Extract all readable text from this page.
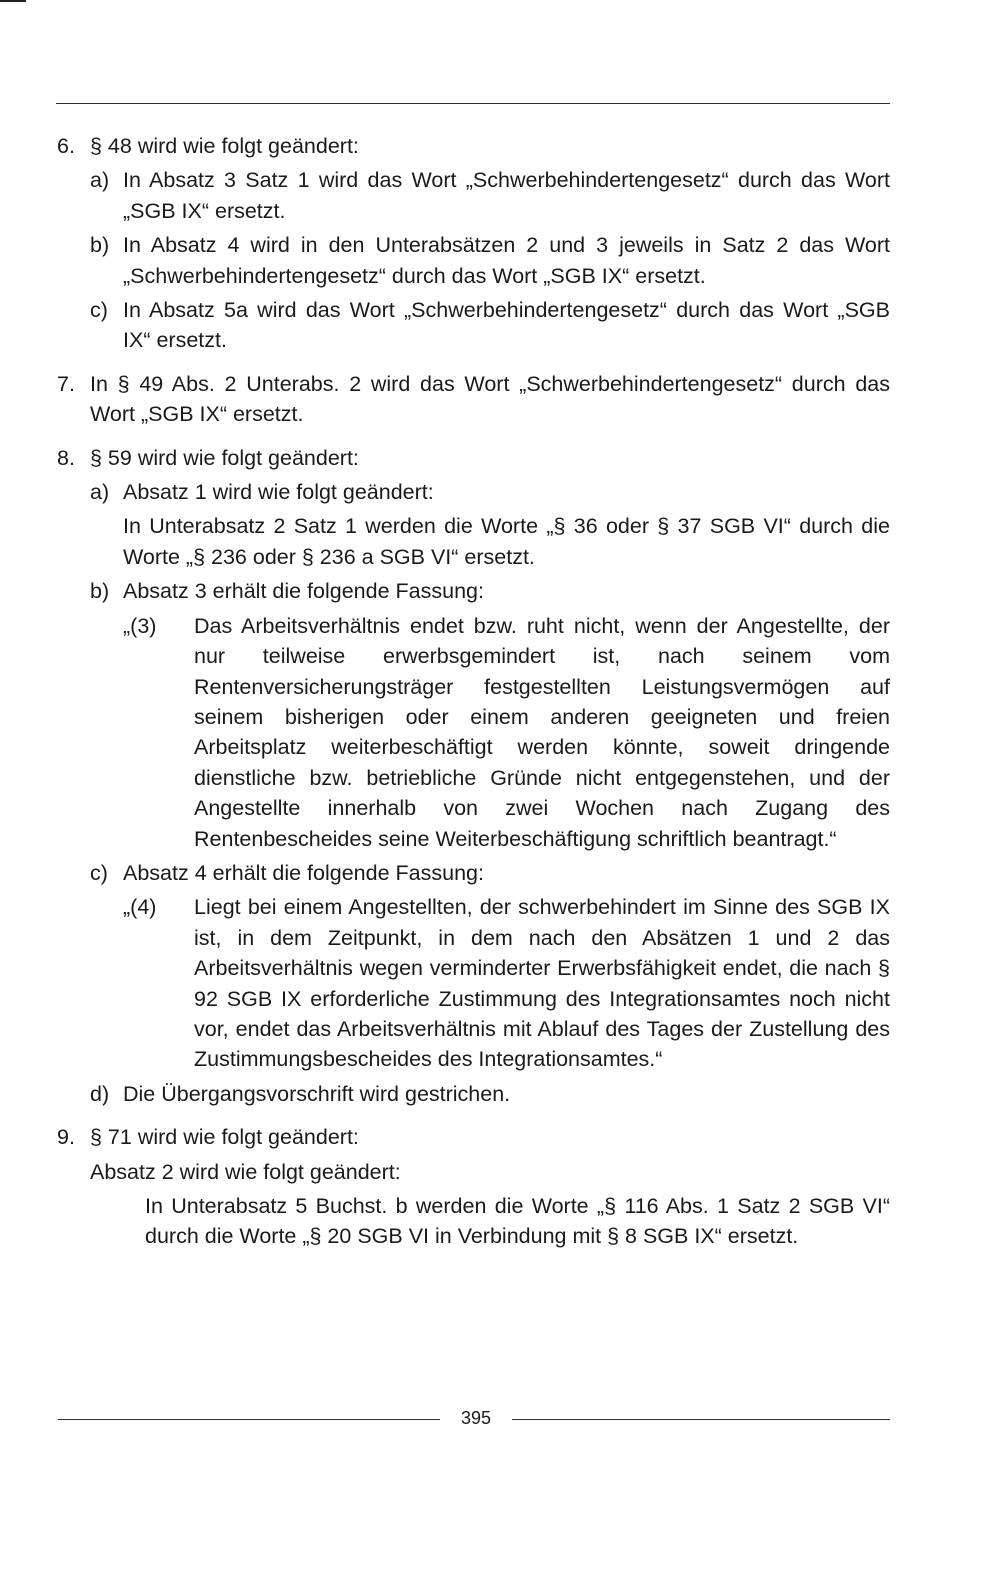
6. § 48 wird wie folgt geändert:

a) In Absatz 3 Satz 1 wird das Wort „Schwerbehindertengesetz“ durch das Wort „SGB IX“ ersetzt.

b) In Absatz 4 wird in den Unterabsätzen 2 und 3 jeweils in Satz 2 das Wort „Schwerbehindertengesetz“ durch das Wort „SGB IX“ ersetzt.

c) In Absatz 5a wird das Wort „Schwerbehindertengesetz“ durch das Wort „SGB IX“ ersetzt.

7. In § 49 Abs. 2 Unterabs. 2 wird das Wort „Schwerbehindertengesetz“ durch das Wort „SGB IX“ ersetzt.

8. § 59 wird wie folgt geändert:

a) Absatz 1 wird wie folgt geändert:

In Unterabsatz 2 Satz 1 werden die Worte „§ 36 oder § 37 SGB VI“ durch die Worte „§ 236 oder § 236 a SGB VI“ ersetzt.

b) Absatz 3 erhält die folgende Fassung:

„(3) Das Arbeitsverhältnis endet bzw. ruht nicht, wenn der Angestellte, der nur teilweise erwerbsgemindert ist, nach seinem vom Rentenversicherungsträger festgestellten Leistungsvermögen auf seinem bisherigen oder einem anderen geeigneten und freien Arbeitsplatz weiterbeschäftigt werden könnte, soweit dringende dienstliche bzw. betriebliche Gründe nicht entgegenstehen, und der Angestellte innerhalb von zwei Wochen nach Zugang des Rentenbescheides seine Weiterbeschäftigung schriftlich beantragt.“

c) Absatz 4 erhält die folgende Fassung:

„(4) Liegt bei einem Angestellten, der schwerbehindert im Sinne des SGB IX ist, in dem Zeitpunkt, in dem nach den Absätzen 1 und 2 das Arbeitsverhältnis wegen verminderter Erwerbsfähigkeit endet, die nach § 92 SGB IX erforderliche Zustimmung des Integrationsamtes noch nicht vor, endet das Arbeitsverhältnis mit Ablauf des Tages der Zustellung des Zustimmungsbescheides des Integrationsamtes.“

d) Die Übergangsvorschrift wird gestrichen.

9. § 71 wird wie folgt geändert:

Absatz 2 wird wie folgt geändert:

In Unterabsatz 5 Buchst. b werden die Worte „§ 116 Abs. 1 Satz 2 SGB VI“ durch die Worte „§ 20 SGB VI in Verbindung mit § 8 SGB IX“ ersetzt.

395
